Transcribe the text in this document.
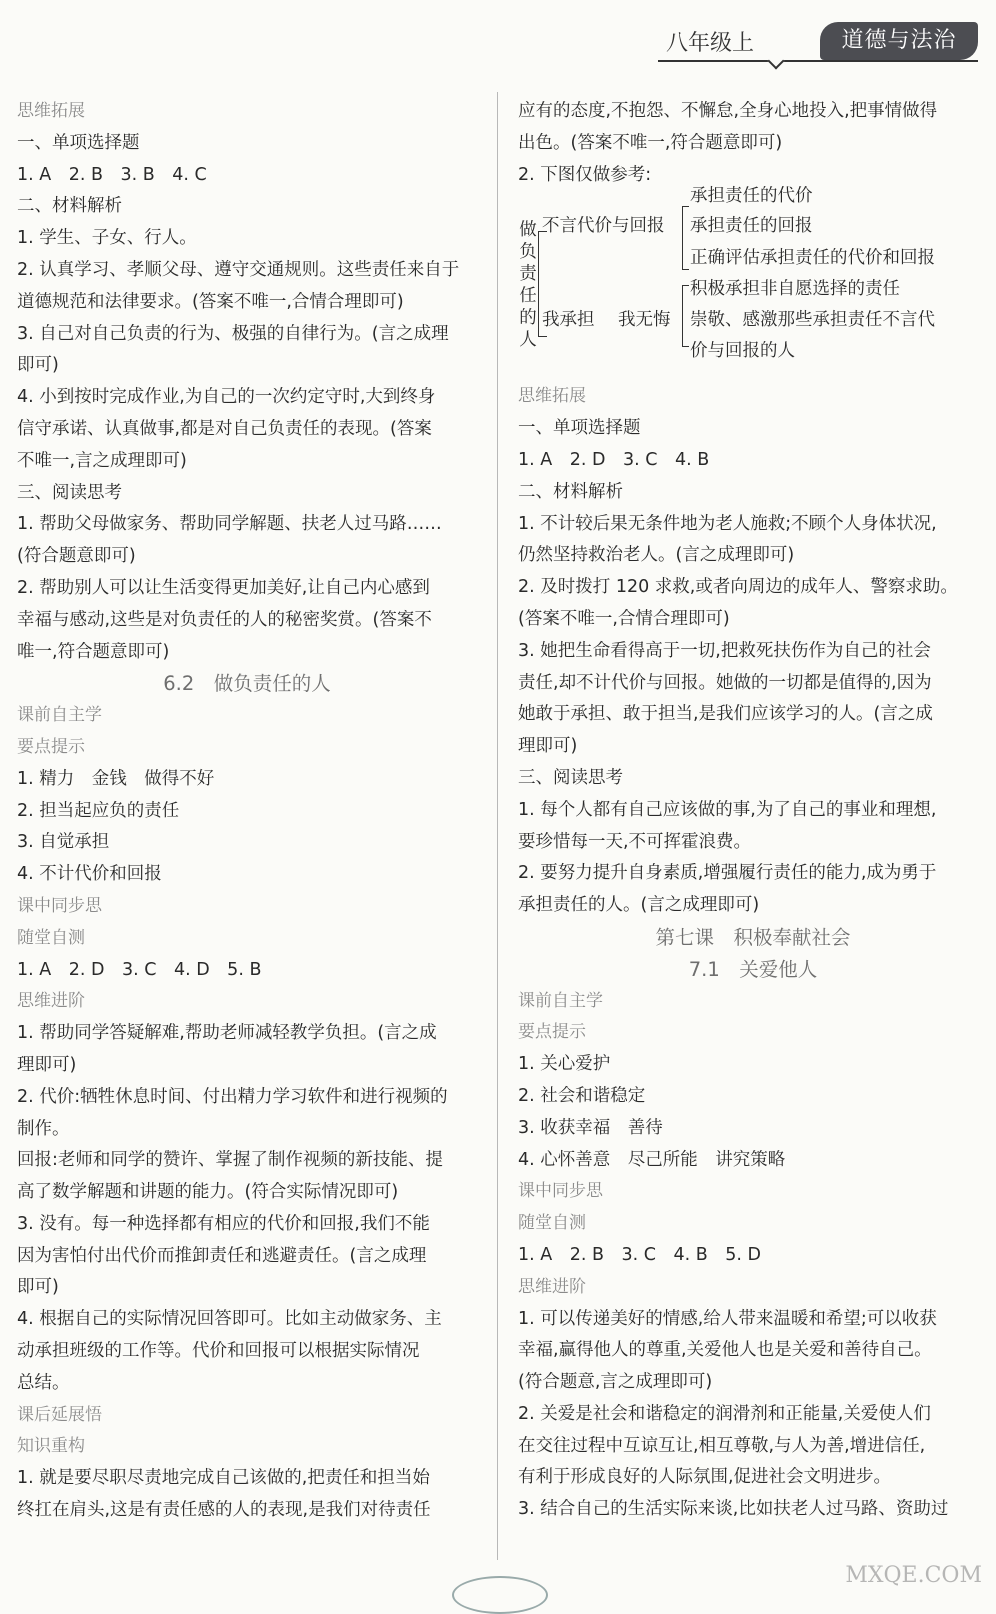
八年级上	道德与法治
思维拓展
一、单项选择题
1. A　2. B　3. B　4. C
二、材料解析
1. 学生、子女、行人。
2. 认真学习、孝顺父母、遵守交通规则。这些责任来自于
道德规范和法律要求。(答案不唯一,合情合理即可)
3. 自己对自己负责的行为、极强的自律行为。(言之成理
即可)
4. 小到按时完成作业,为自己的一次约定守时,大到终身
信守承诺、认真做事,都是对自己负责任的表现。(答案
不唯一,言之成理即可)
三、阅读思考
1. 帮助父母做家务、帮助同学解题、扶老人过马路……
(符合题意即可)
2. 帮助别人可以让生活变得更加美好,让自己内心感到
幸福与感动,这些是对负责任的人的秘密奖赏。(答案不
唯一,符合题意即可)
6.2　做负责任的人
课前自主学
要点提示
1. 精力　金钱　做得不好
2. 担当起应负的责任
3. 自觉承担
4. 不计代价和回报
课中同步思
随堂自测
1. A　2. D　3. C　4. D　5. B
思维进阶
1. 帮助同学答疑解难,帮助老师减轻教学负担。(言之成
理即可)
2. 代价:牺牲休息时间、付出精力学习软件和进行视频的
制作。
回报:老师和同学的赞许、掌握了制作视频的新技能、提
高了数学解题和讲题的能力。(符合实际情况即可)
3. 没有。每一种选择都有相应的代价和回报,我们不能
因为害怕付出代价而推卸责任和逃避责任。(言之成理
即可)
4. 根据自己的实际情况回答即可。比如主动做家务、主
动承担班级的工作等。代价和回报可以根据实际情况
总结。
课后延展悟
知识重构
1. 就是要尽职尽责地完成自己该做的,把责任和担当始
终扛在肩头,这是有责任感的人的表现,是我们对待责任
应有的态度,不抱怨、不懈怠,全身心地投入,把事情做得
出色。(答案不唯一,符合题意即可)
2. 下图仅做参考:
做
负
责
任
的
人
不言代价与回报
承担责任的代价
承担责任的回报
正确评估承担责任的代价和回报
我承担 我无悔
积极承担非自愿选择的责任
崇敬、感激那些承担责任不言代
价与回报的人
思维拓展
一、单项选择题
1. A　2. D　3. C　4. B
二、材料解析
1. 不计较后果无条件地为老人施救;不顾个人身体状况,
仍然坚持救治老人。(言之成理即可)
2. 及时拨打 120 求救,或者向周边的成年人、警察求助。
(答案不唯一,合情合理即可)
3. 她把生命看得高于一切,把救死扶伤作为自己的社会
责任,却不计代价与回报。她做的一切都是值得的,因为
她敢于承担、敢于担当,是我们应该学习的人。(言之成
理即可)
三、阅读思考
1. 每个人都有自己应该做的事,为了自己的事业和理想,
要珍惜每一天,不可挥霍浪费。
2. 要努力提升自身素质,增强履行责任的能力,成为勇于
承担责任的人。(言之成理即可)
第七课　积极奉献社会
7.1　关爱他人
课前自主学
要点提示
1. 关心爱护
2. 社会和谐稳定
3. 收获幸福　善待
4. 心怀善意　尽己所能　讲究策略
课中同步思
随堂自测
1. A　2. B　3. C　4. B　5. D
思维进阶
1. 可以传递美好的情感,给人带来温暖和希望;可以收获
幸福,赢得他人的尊重,关爱他人也是关爱和善待自己。
(符合题意,言之成理即可)
2. 关爱是社会和谐稳定的润滑剂和正能量,关爱使人们
在交往过程中互谅互让,相互尊敬,与人为善,增进信任,
有利于形成良好的人际氛围,促进社会文明进步。
3. 结合自己的生活实际来谈,比如扶老人过马路、资助过
MXQE.COM
